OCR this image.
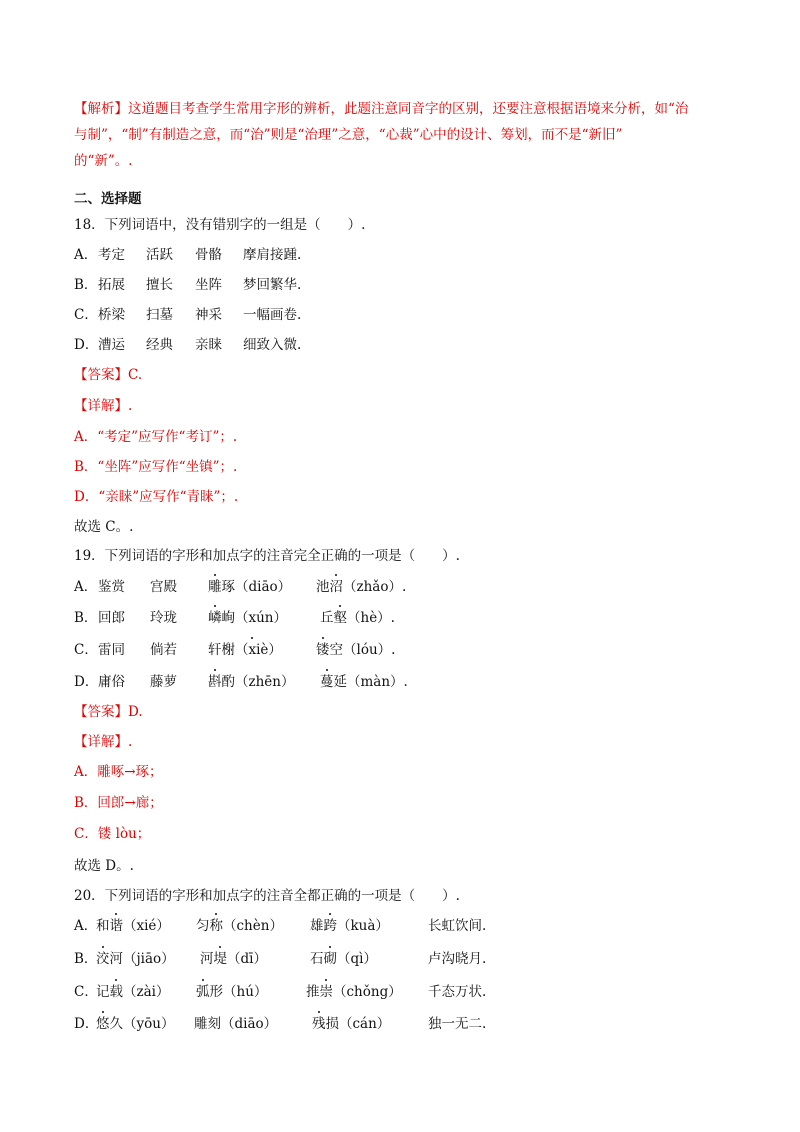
【解析】这道题目考查学生常用字形的辨析，此题注意同音字的区别，还要注意根据语境来分析，如“治
与制”，“制”有制造之意，而“治”则是“治理”之意，“心裁”心中的设计、筹划，而不是“新旧”
的“新”。.
二、选择题
18．下列词语中，没有错别字的一组是（　　）.
A． 考定 活跃 骨骼 摩肩接踵.
B． 拓展 擅长 坐阵 梦回繁华.
C． 桥梁 扫墓 神采 一幅画卷.
D． 漕运 经典 亲睐 细致入微.
【答案】C.
【详解】.
A．“考定”应写作“考订”；.
B．“坐阵”应写作“坐镇”；.
D．“亲睐”应写作“青睐”；.
故选 C。.
19．下列词语的字形和加点字的注音完全正确的一项是（　　）.
A． 鉴赏 宫殿 雕琢（diāo） 池沼（zhǎo）.
B． 回郎 玲珑 嶙峋（xún） 丘壑（hè）.
C． 雷同 倘若 轩榭（xiè）	镂空（lóu）.
D． 庸俗 藤萝 斟酌（zhēn） 蔓延（màn）.
【答案】D.
【详解】.
A．雕啄→琢；
B．回郎→廊；
C．镂 lòu；
故选 D。.
20．下列词语的字形和加点字的注音全都正确的一项是（　　）.
A．
和谐（xié） 匀称（chèn） 雄跨（kuà）	长虹饮间.
B．
洨河（jiāo） 河堤（dī）	石砌（qì）	卢沟晓月.
C．
记载（zài） 弧形（hú）	推崇（chǒng） 千态万状.
D．
悠久（yōu） 雕刻（diāo）	残损（cán）	独一无二.
